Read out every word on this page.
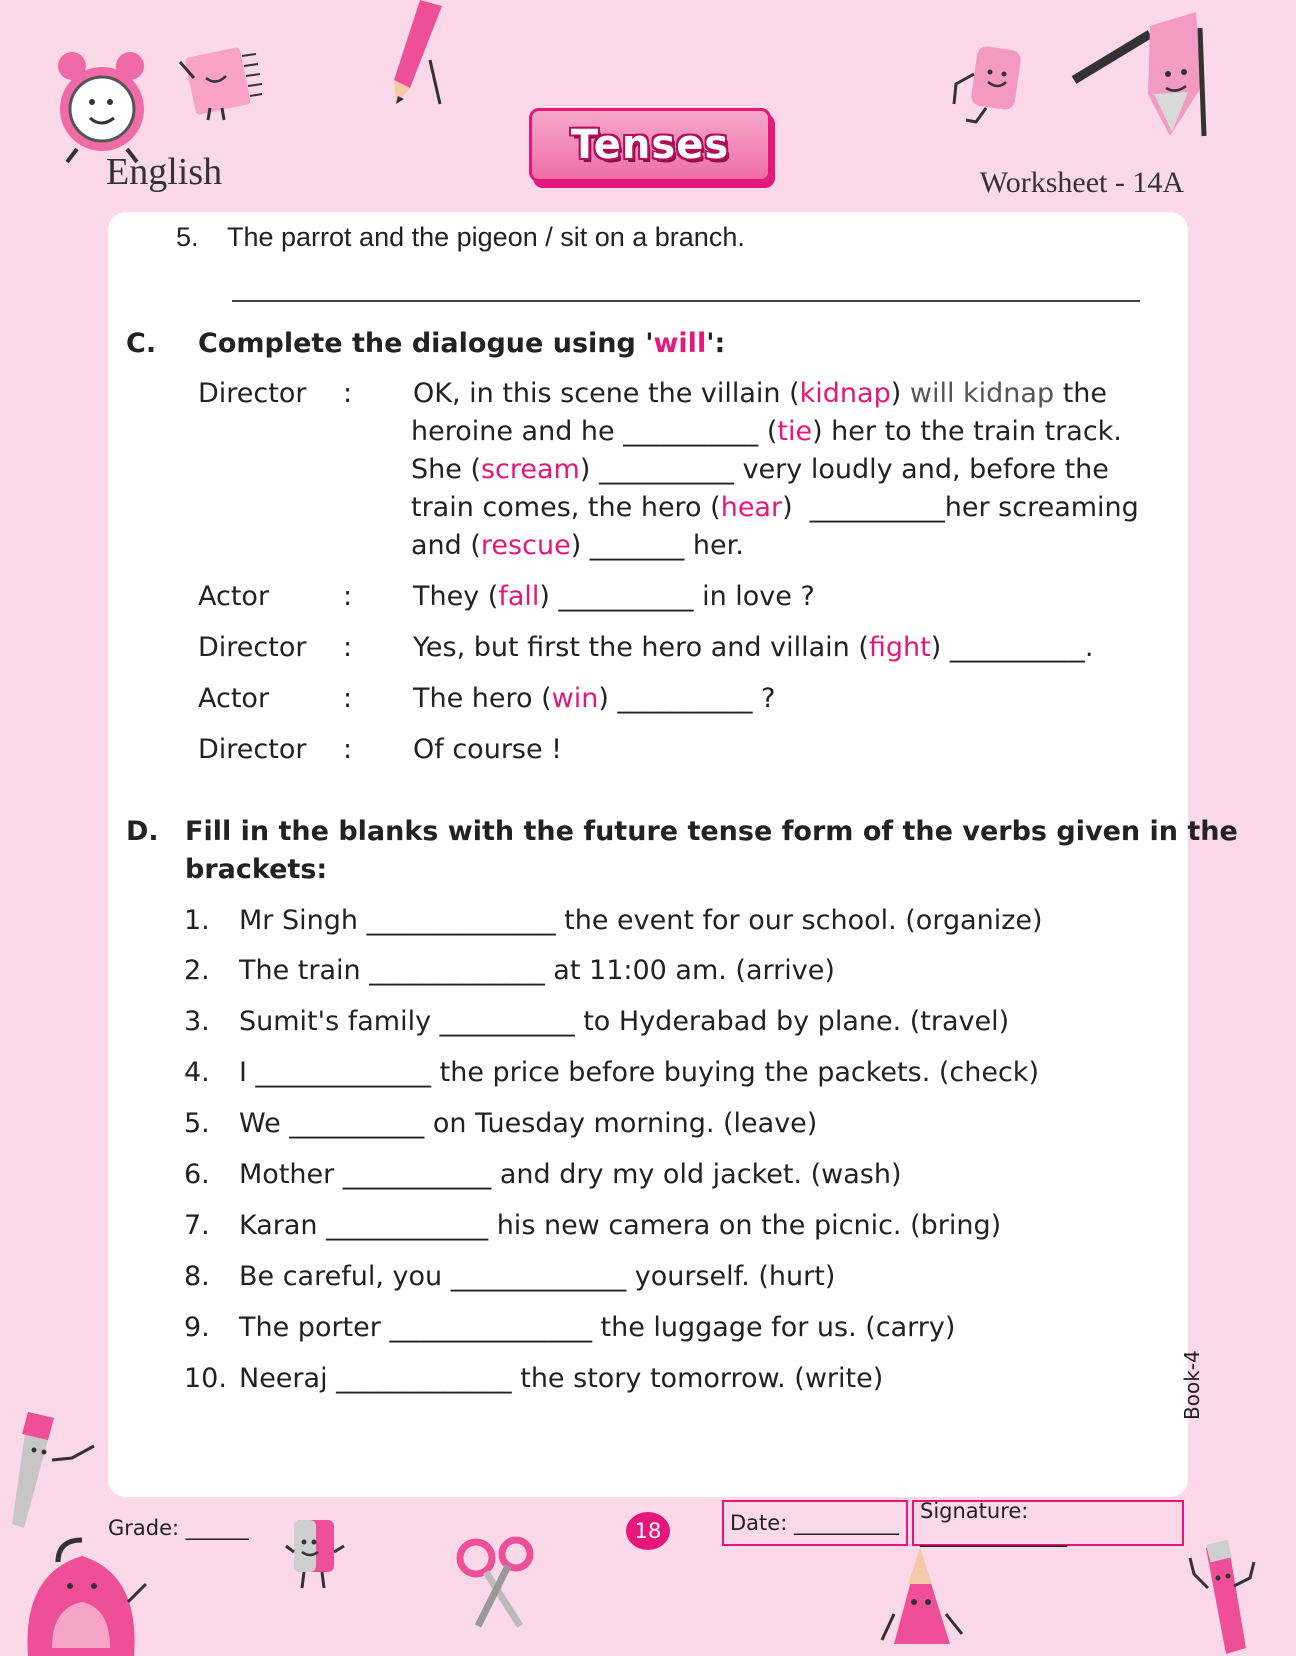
English
Tenses
Worksheet - 14A
5. The parrot and the pigeon / sit on a branch.
C. Complete the dialogue using 'will':
Director : OK, in this scene the villain (kidnap) will kidnap the
heroine and he __________ (tie) her to the train track.
She (scream) __________ very loudly and, before the
train comes, the hero (hear)  __________her screaming
and (rescue) _______ her.
Actor	: They (fall) __________ in love ?
Director : Yes, but first the hero and villain (fight) __________.
Actor	: The hero (win) __________ ?
Director : Of course !
D. Fill in the blanks with the future tense form of the verbs given in the
brackets:
1. Mr Singh ______________ the event for our school. (organize)
2. The train _____________ at 11:00 am. (arrive)
3. Sumit's family __________ to Hyderabad by plane. (travel)
4. I _____________ the price before buying the packets. (check)
5. We __________ on Tuesday morning. (leave)
6. Mother ___________ and dry my old jacket. (wash)
7. Karan ____________ his new camera on the picnic. (bring)
8. Be careful, you _____________ yourself. (hurt)
9. The porter _______________ the luggage for us. (carry)
10. Neeraj _____________ the story tomorrow. (write)
Grade: ______	18	Date: __________ Signature: ______________
Book-4
